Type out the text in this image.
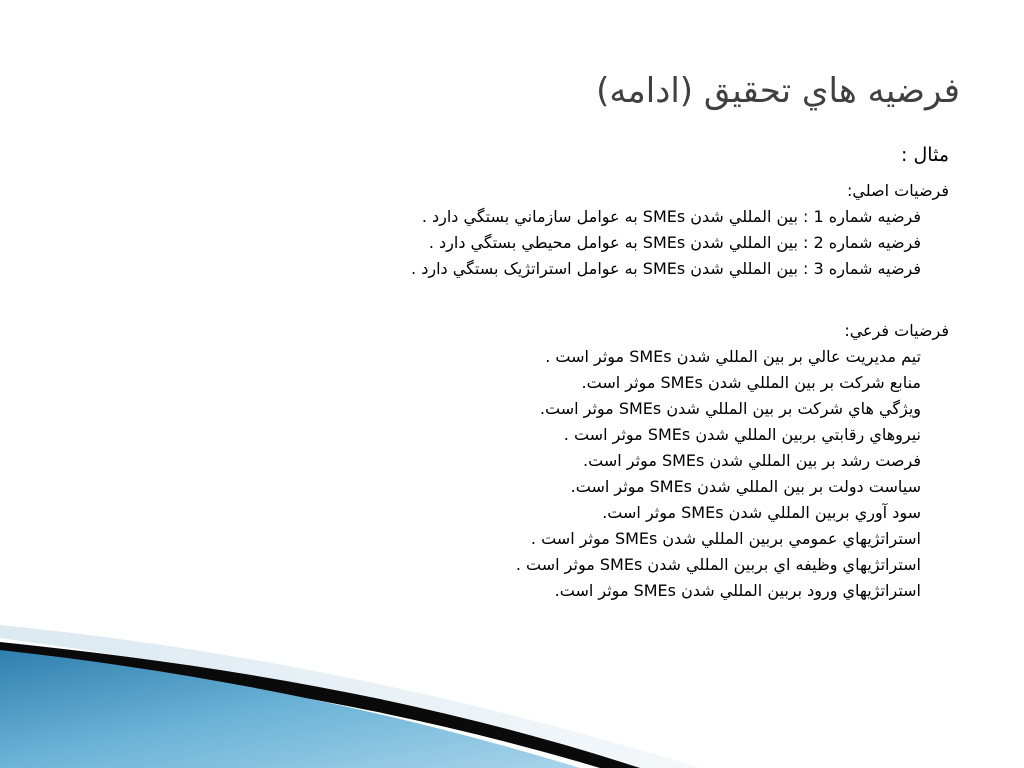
فرضيه هاي تحقيق (ادامه)
مثال :
فرضيات اصلي:
فرضيه شماره 1 : بين المللي شدن SMEs به عوامل سازماني بستگي دارد .
فرضيه شماره 2 : بين المللي شدن SMEs به عوامل محيطي بستگي دارد .
فرضيه شماره 3 : بين المللي شدن SMEs به عوامل استراتژيک بستگي دارد .
فرضيات فرعي:
تيم مديريت عالي بر بين المللي شدن SMEs موثر است .
منابع شرکت بر بين المللي شدن SMEs موثر است.
ويژگي هاي شرکت بر بين المللي شدن SMEs موثر است.
نيروهاي رقابتي بربين المللي شدن SMEs موثر است .
فرصت رشد بر بين المللي شدن SMEs موثر است.
سياست دولت بر بين المللي شدن SMEs موثر است.
سود آوري بربين المللي شدن SMEs موثر است.
استراتژيهاي عمومي بربين المللي شدن SMEs موثر است .
استراتژيهاي وظيفه اي بربين المللي شدن SMEs موثر است .
استراتژيهاي ورود بربين المللي شدن SMEs موثر است.
